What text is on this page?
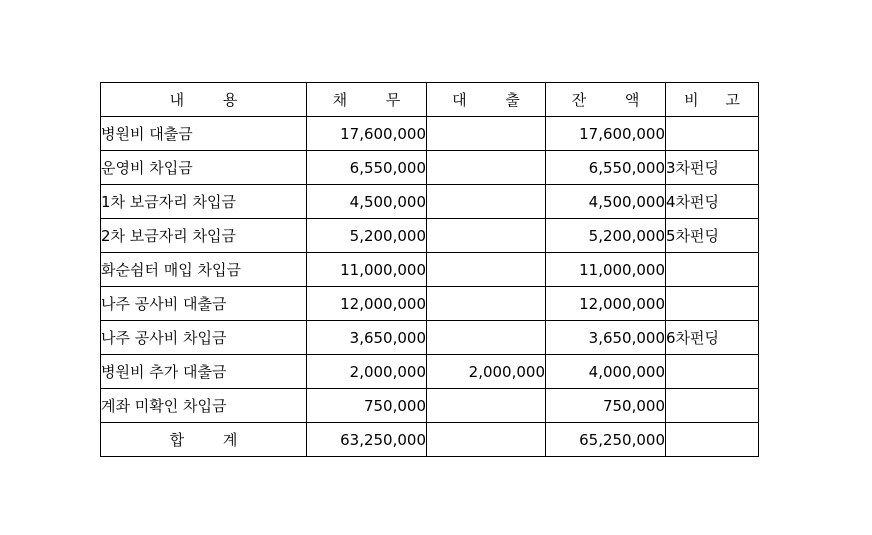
내 용	채 무	대 출	잔 액	비 고
병원비 대출금	17,600,000		17,600,000	
운영비 차입금	6,550,000		6,550,000	3차펀딩
1차 보금자리 차입금	4,500,000		4,500,000	4차펀딩
2차 보금자리 차입금	5,200,000		5,200,000	5차펀딩
화순쉼터 매입 차입금	11,000,000		11,000,000	
나주 공사비 대출금	12,000,000		12,000,000	
나주 공사비 차입금	3,650,000		3,650,000	6차펀딩
병원비 추가 대출금	2,000,000	2,000,000	4,000,000	
계좌 미확인 차입금	750,000		750,000	
합 계	63,250,000		65,250,000	
